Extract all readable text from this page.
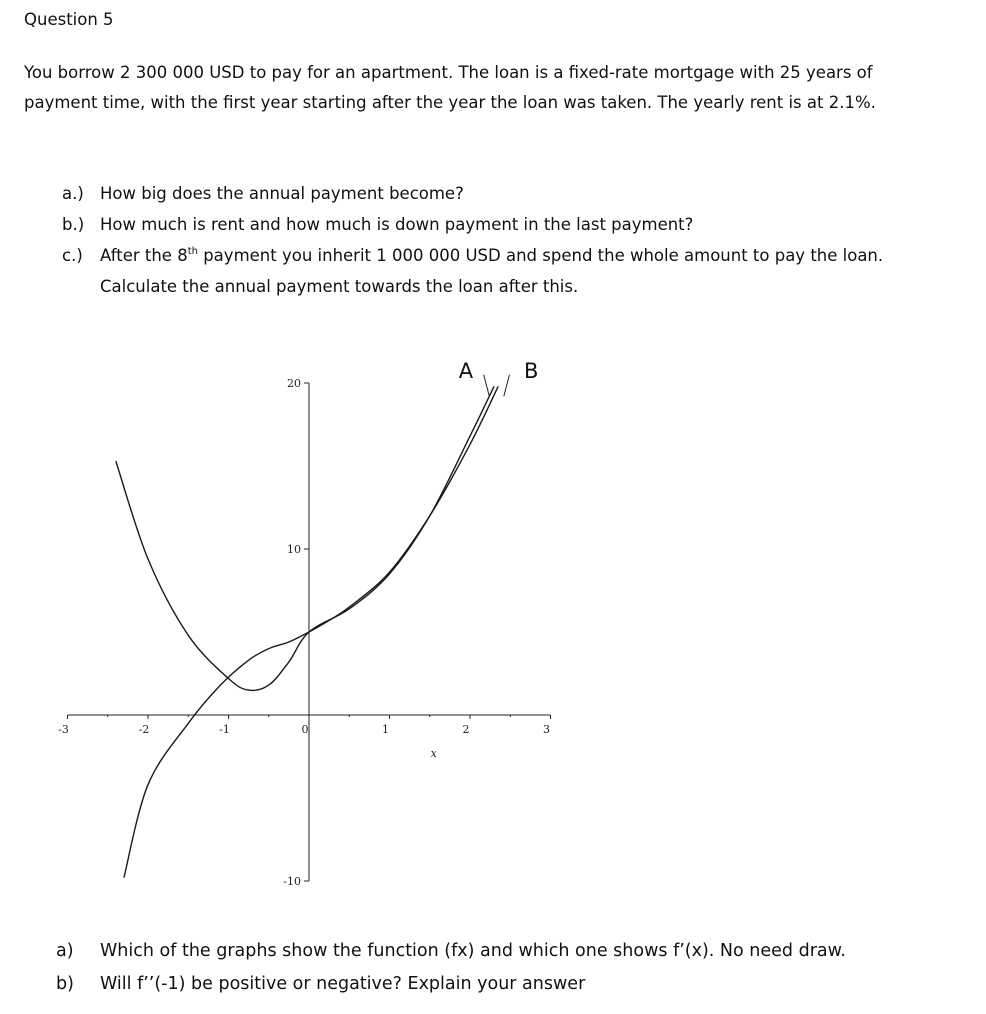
Question 5
You borrow 2 300 000 USD to pay for an apartment. The loan is a fixed-rate mortgage with 25 years of
payment time, with the first year starting after the year the loan was taken. The yearly rent is at 2.1%.
a.) How big does the annual payment become?
b.) How much is rent and how much is down payment in the last payment?
c.)	After the 8th payment you inherit 1 000 000 USD and spend the whole amount to pay the loan.
Calculate the annual payment towards the loan after this.
-3	-2	-1	0	1	2	3
20
10
-10
x
A B
a)	Which of the graphs show the function (fx) and which one shows f’(x). No need draw.
b)	Will f’’(-1) be positive or negative? Explain your answer
